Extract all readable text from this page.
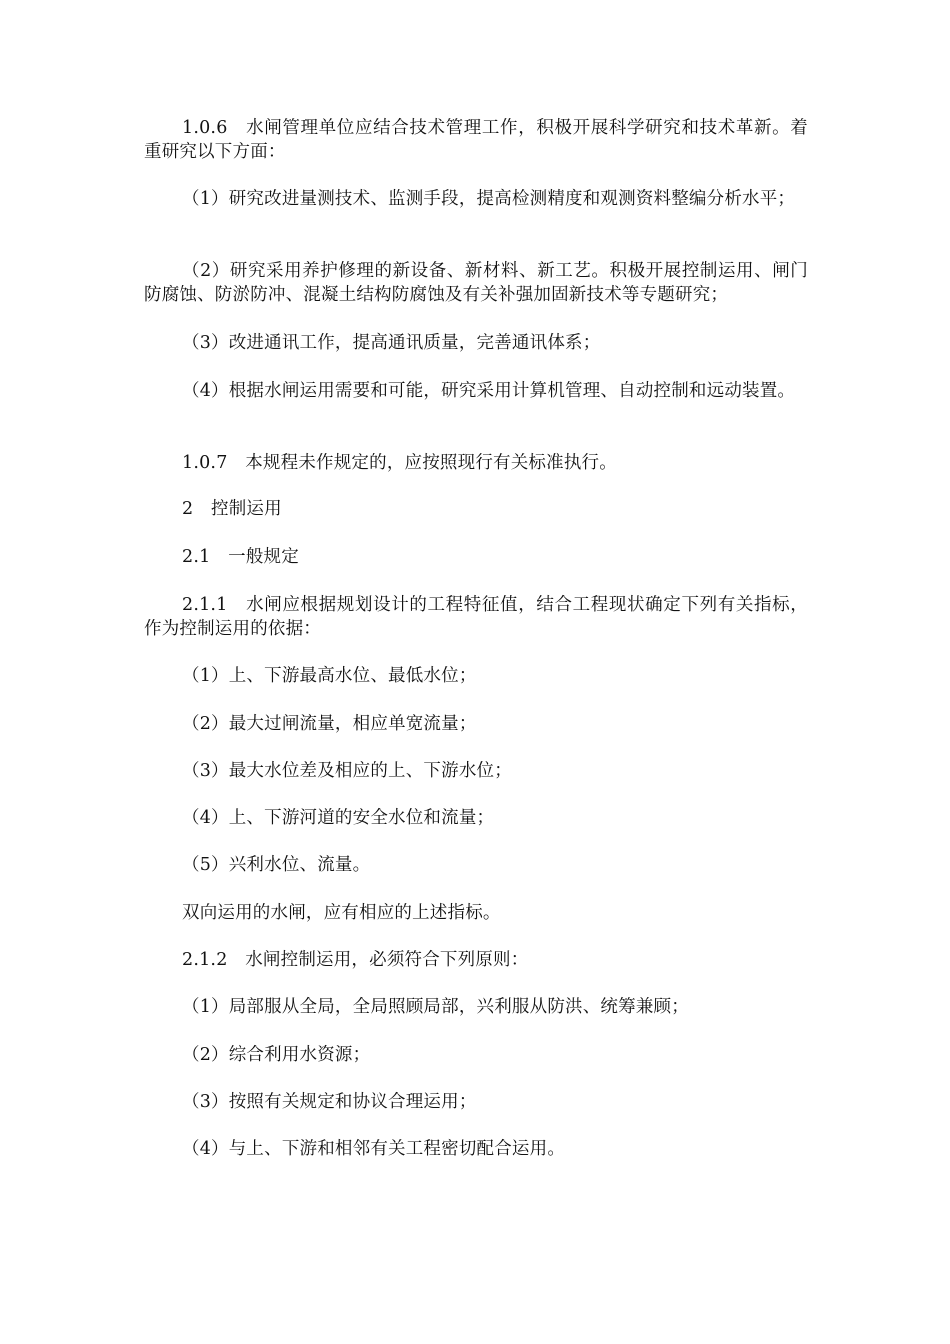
1.0.6　水闸管理单位应结合技术管理工作，积极开展科学研究和技术革新。着重研究以下方面：

（1）研究改进量测技术、监测手段，提高检测精度和观测资料整编分析水平；

（2）研究采用养护修理的新设备、新材料、新工艺。积极开展控制运用、闸门防腐蚀、防淤防冲、混凝土结构防腐蚀及有关补强加固新技术等专题研究；

（3）改进通讯工作，提高通讯质量，完善通讯体系；

（4）根据水闸运用需要和可能，研究采用计算机管理、自动控制和远动装置。

1.0.7　本规程未作规定的，应按照现行有关标准执行。

2　控制运用

2.1　一般规定

2.1.1　水闸应根据规划设计的工程特征值，结合工程现状确定下列有关指标，作为控制运用的依据：

（1）上、下游最高水位、最低水位；

（2）最大过闸流量，相应单宽流量；

（3）最大水位差及相应的上、下游水位；

（4）上、下游河道的安全水位和流量；

（5）兴利水位、流量。

双向运用的水闸，应有相应的上述指标。

2.1.2　水闸控制运用，必须符合下列原则：

（1）局部服从全局，全局照顾局部，兴利服从防洪、统筹兼顾；

（2）综合利用水资源；

（3）按照有关规定和协议合理运用；

（4）与上、下游和相邻有关工程密切配合运用。
